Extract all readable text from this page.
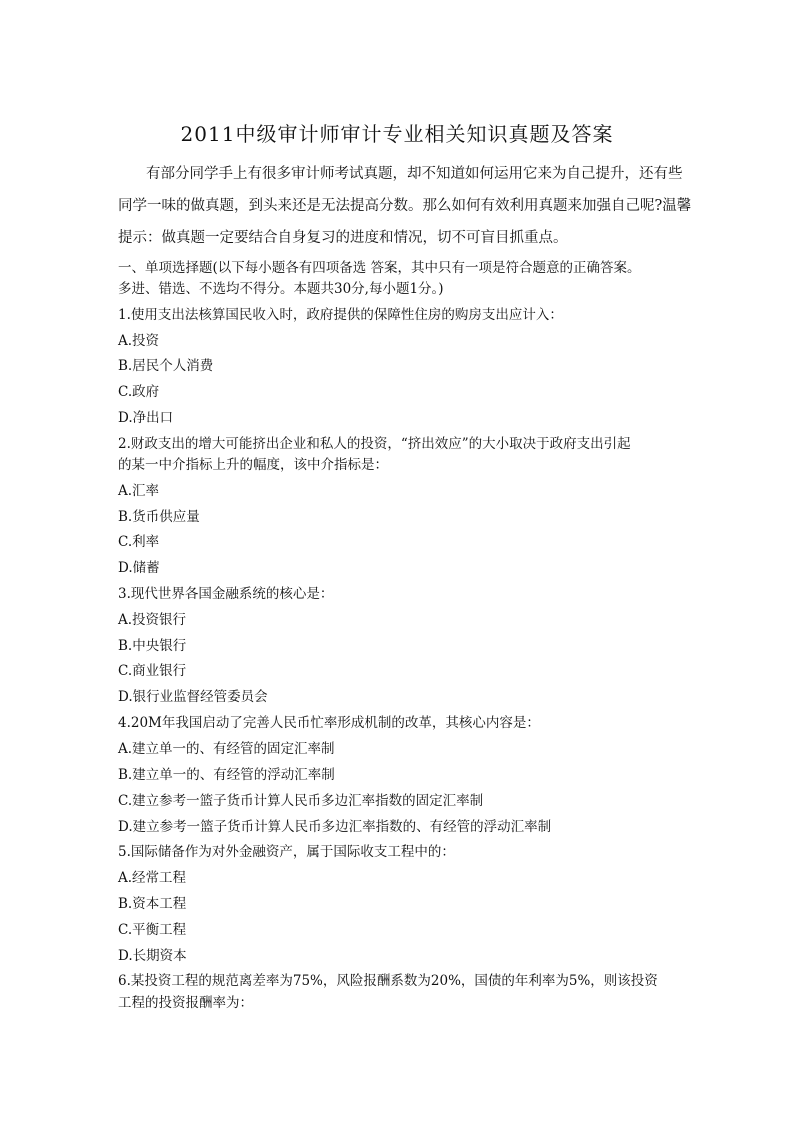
2011中级审计师审计专业相关知识真题及答案
有部分同学手上有很多审计师考试真题，却不知道如何运用它来为自己提升，还有些
同学一味的做真题，到头来还是无法提高分数。那么如何有效利用真题来加强自己呢?温馨
提示：做真题一定要结合自身复习的进度和情况，切不可盲目抓重点。
一、单项选择题(以下每小题各有四项备选 答案，其中只有一项是符合题意的正确答案。
多进、错选、不选均不得分。本题共30分,每小题1分。)
1.使用支出法核算国民收入时，政府提供的保障性住房的购房支出应计入：
A.投资
B.居民个人消费
C.政府
D.净出口
2.财政支出的增大可能挤出企业和私人的投资，“挤出效应”的大小取决于政府支出引起
的某一中介指标上升的幅度，该中介指标是：
A.汇率
B.货币供应量
C.利率
D.储蓄
3.现代世界各国金融系统的核心是：
A.投资银行
B.中央银行
C.商业银行
D.银行业监督经管委员会
4.20M年我国启动了完善人民币忙率形成机制的改革，其核心内容是：
A.建立单一的、有经管的固定汇率制
B.建立单一的、有经管的浮动汇率制
C.建立参考一篮子货币计算人民币多边汇率指数的固定汇率制
D.建立参考一篮子货币计算人民币多边汇率指数的、有经管的浮动汇率制
5.国际储备作为对外金融资产，属于国际收支工程中的：
A.经常工程
B.资本工程
C.平衡工程
D.长期资本
6.某投资工程的规范离差率为75%，风险报酬系数为20%，国债的年利率为5%，则该投资
工程的投资报酬率为：
